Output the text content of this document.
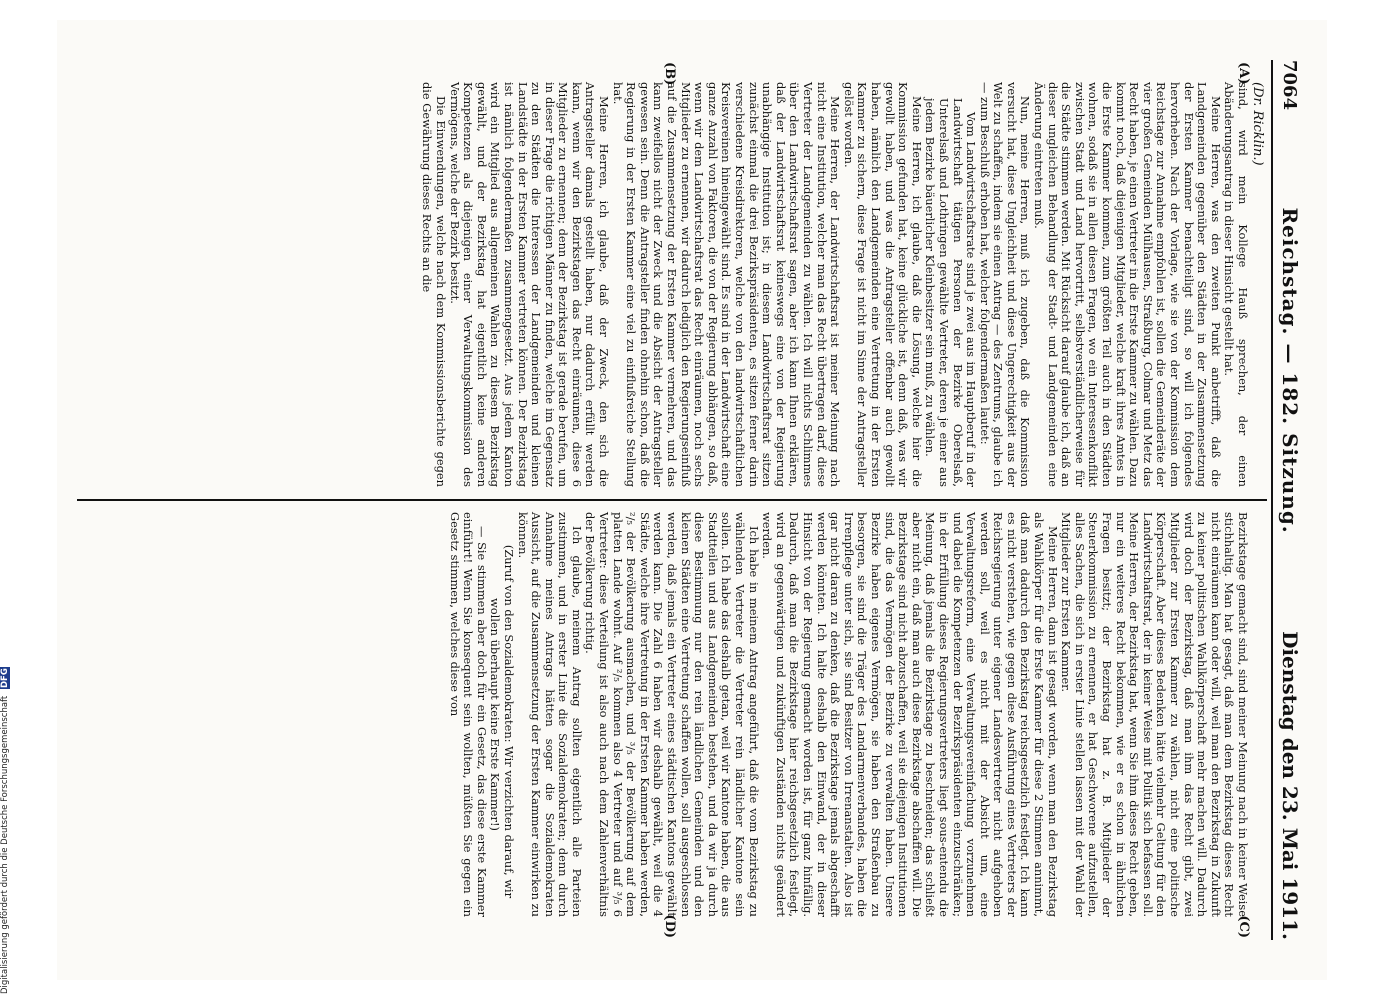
Digitalisierung gefördert durch die Deutsche Forschungsgemeinschaft DFG
7064
Reichstag. — 182. Sitzung.
Dienstag den 23. Mai 1911.
(A)
(B)
(C)
(D)
(Dr. Ricklin.)

sind, wird mein Kollege Hauß sprechen, der einen Abänderungsantrag in dieser Hinsicht gestellt hat.

Meine Herren, was den zweiten Punkt anbetrifft, daß die Landgemeinden gegenüber den Städten in der Zusammensetzung der Ersten Kammer benachteiligt sind, so will ich folgendes hervorheben. Nach der Vorlage, wie sie von der Kommission dem Reichstage zur Annahme empfohlen ist, sollen die Gemeinderäte der vier großen Gemeinden Mülhausen, Straßburg, Colmar und Metz das Recht haben, je einen Vertreter in die Erste Kammer zu wählen. Dazu kommt noch, daß diejenigen Mitglieder, welche kraft ihres Amtes in die Erste Kammer kommen, zum größten Teil auch in den Städten wohnen, sodaß sie in allen diesen Fragen, wo ein Interessenkonflikt zwischen Stadt und Land hervortritt, selbstverständlicherweise für die Städte stimmen werden. Mit Rücksicht darauf glaube ich, daß an dieser ungleichen Behandlung der Stadt- und Landgemeinden eine Änderung eintreten muß.

Nun, meine Herren, muß ich zugeben, daß die Kommission versucht hat, diese Ungleichheit und diese Ungerechtigkeit aus der Welt zu schaffen, indem sie einen Antrag — des Zentrums, glaube ich — zum Beschluß erhoben hat, welcher folgendermaßen lautet:

Vom Landwirtschaftsrate sind je zwei aus im Hauptberuf in der Landwirtschaft tätigen Personen der Bezirke Oberelsaß, Unterelsaß und Lothringen gewählte Vertreter, deren je einer aus jedem Bezirke bäuerlicher Kleinbesitzer sein muß, zu wählen.

Meine Herren, ich glaube, daß die Lösung, welche hier die Kommission gefunden hat, keine glückliche ist, denn daß, was wir gewollt haben, und was die Antragsteller offenbar auch gewollt haben, nämlich den Landgemeinden eine Vertretung in der Ersten Kammer zu sichern, diese Frage ist nicht im Sinne der Antragsteller gelöst worden.

Meine Herren, der Landwirtschaftsrat ist meiner Meinung nach nicht eine Institution, welcher man das Recht übertragen darf, diese Vertreter der Landgemeinden zu wählen. Ich will nichts Schlimmes über den Landwirtschaftsrat sagen, aber ich kann Ihnen erklären, daß der Landwirtschaftsrat keineswegs eine von der Regierung unabhängige Institution ist; in diesem Landwirtschaftsrat sitzen zunächst einmal die drei Bezirkspräsidenten, es sitzen ferner darin verschiedene Kreisdirektoren, welche von den landwirtschaftlichen Kreisvereinen hineingewählt sind. Es sind in der Landwirtschaft eine ganze Anzahl von Faktoren, die von der Regierung abhängen, so daß, wenn wir dem Landwirtschaftsrat das Recht einräumen, noch sechs Mitglieder zu ernennen, wir dadurch lediglich den Regierungseinfluß auf die Zusammensetzung der Ersten Kammer vermehren, und das kann zweifellos nicht der Zweck und die Absicht der Antragsteller gewesen sein. Denn die Antragsteller finden ohnehin schon, daß die Regierung in der Ersten Kammer eine viel zu einflußreiche Stellung hat.

Meine Herren, ich glaube, daß der Zweck, den sich die Antragsteller damals gestellt haben, nur dadurch erfüllt werden kann, wenn wir den Bezirkstagen das Recht einräumen, diese 6 Mitglieder zu ernennen; denn der Bezirkstag ist gerade berufen, um in dieser Frage die richtigen Männer zu finden, welche im Gegensatz zu den Städten die Interessen der Landgemeinden und kleinen Landstädte in der Ersten Kammer vertreten können. Der Bezirkstag ist nämlich folgendermaßen zusammengesetzt. Aus jedem Kanton wird ein Mitglied aus allgemeinen Wahlen zu diesem Bezirkstag gewählt, und der Bezirkstag hat eigentlich keine anderen Kompetenzen als diejenigen einer Verwaltungskommission des Vermögens, welche der Bezirk besitzt.

Die Einwendungen, welche nach dem Kommissionsberichte gegen die Gewährung dieses Rechts an die

Bezirkstage gemacht sind, sind meiner Meinung nach in keiner Weise stichhaltig. Man hat gesagt, daß man dem Bezirkstag dieses Recht nicht einräumen kann oder will, weil man den Bezirkstag in Zukunft zu keiner politischen Wahlkörperschaft mehr machen will. Dadurch wird doch der Bezirkstag, daß man ihm das Recht gibt, zwei Mitglieder zur Ersten Kammer zu wählen, nicht eine politische Körperschaft. Aber dieses Bedenken hätte vielmehr Geltung für den Landwirtschaftsrat, der in keiner Weise mit Politik sich befassen soll. Meine Herren, der Bezirkstag hat, wenn Sie ihm dieses Recht geben, nur ein weiteres Recht bekommen, wie er es schon in ähnlichen Fragen besitzt; der Bezirkstag hat z. B. Mitglieder der Steuerkommission zu ernennen, er hat Geschworene aufzustellen, alles Sachen, die sich in erster Linie stellen lassen mit der Wahl der Mitglieder zur Ersten Kammer.

Meine Herren, dann ist gesagt worden, wenn man den Bezirkstag als Wahlkörper für die Erste Kammer für diese 2 Stimmen annimmt, daß man dadurch den Bezirkstag reichsgesetzlich festlegt. Ich kann es nicht verstehen, wie gegen diese Ausführung eines Vertreters der Reichsregierung unter eigener Landesvertreter nicht aufgehoben werden soll, weil es nicht mit der Absicht um, eine Verwaltungsreform, eine Verwaltungsvereinfachung vorzunehmen und dabei die Kompetenzen der Bezirkspräsidenten einzuschränken; in der Erfüllung dieses Regierungsvertreters liegt sous-entendu die Meinung, daß jemals die Bezirkstage zu beschneiden; das schließt aber nicht ein, daß man auch diese Bezirkstage abschaffen will. Die Bezirkstage sind nicht abzuschaffen, weil sie diejenigen Institutionen sind, die das Vermögen der Bezirke zu verwalten haben. Unsere Bezirke haben eigenes Vermögen, sie haben den Straßenbau zu besorgen, sie sind die Träger des Landarmenverbandes, haben die Irrenpflege unter sich, sie sind Besitzer von Irrenanstalten. Also ist gar nicht daran zu denken, daß die Bezirkstage jemals abgeschafft werden könnten. Ich halte deshalb den Einwand, der in dieser Hinsicht von der Regierung gemacht worden ist, für ganz hinfällig. Dadurch, daß man die Bezirkstage hier reichsgesetzlich festlegt, wird an gegenwärtigen und zukünftigen Zuständen nichts geändert werden.

Ich habe in meinem Antrag angeführt, daß die vom Bezirkstag zu wählenden Vertreter die Vertreter rein ländlicher Kantone sein sollen. Ich habe das deshalb getan, weil wir Kantone haben, die aus Stadtteilen und aus Landgemeinden bestehen, und da wir ja durch diese Bestimmung nur den rein ländlichen Gemeinden und den kleinen Städten eine Vertretung schaffen wollen, soll ausgeschlossen werden, daß jemals ein Vertreter eines städtischen Kantons gewählt werden kann. Die Zahl 6 haben wir deshalb gewählt, weil die 4 Städte, welche ihre Vertretung in der Ersten Kammer haben werden, ²/₅ der Bevölkerung ausmachen, und ³/₅ der Bevölkerung auf dem platten Lande wohnt. Auf ²/₅ kommen also 4 Vertreter und auf ³/₅ 6 Vertreter: diese Verteilung ist also auch nach dem Zahlenverhältnis der Bevölkerung richtig.

Ich glaube, meinem Antrag sollten eigentlich alle Parteien zustimmen, und in erster Linie die Sozialdemokraten; denn durch Annahme meines Antrags hätten sogar die Sozialdemokraten Aussicht, auf die Zusammensetzung der Ersten Kammer einwirken zu können.

(Zuruf von den Sozialdemokraten: Wir verzichten darauf, wir wollen überhaupt keine Erste Kammer!)

— Sie stimmen aber doch für ein Gesetz, das diese erste Kammer einführt! Wenn Sie konsequent sein wollten, müßten Sie gegen ein Gesetz stimmen, welches diese von
